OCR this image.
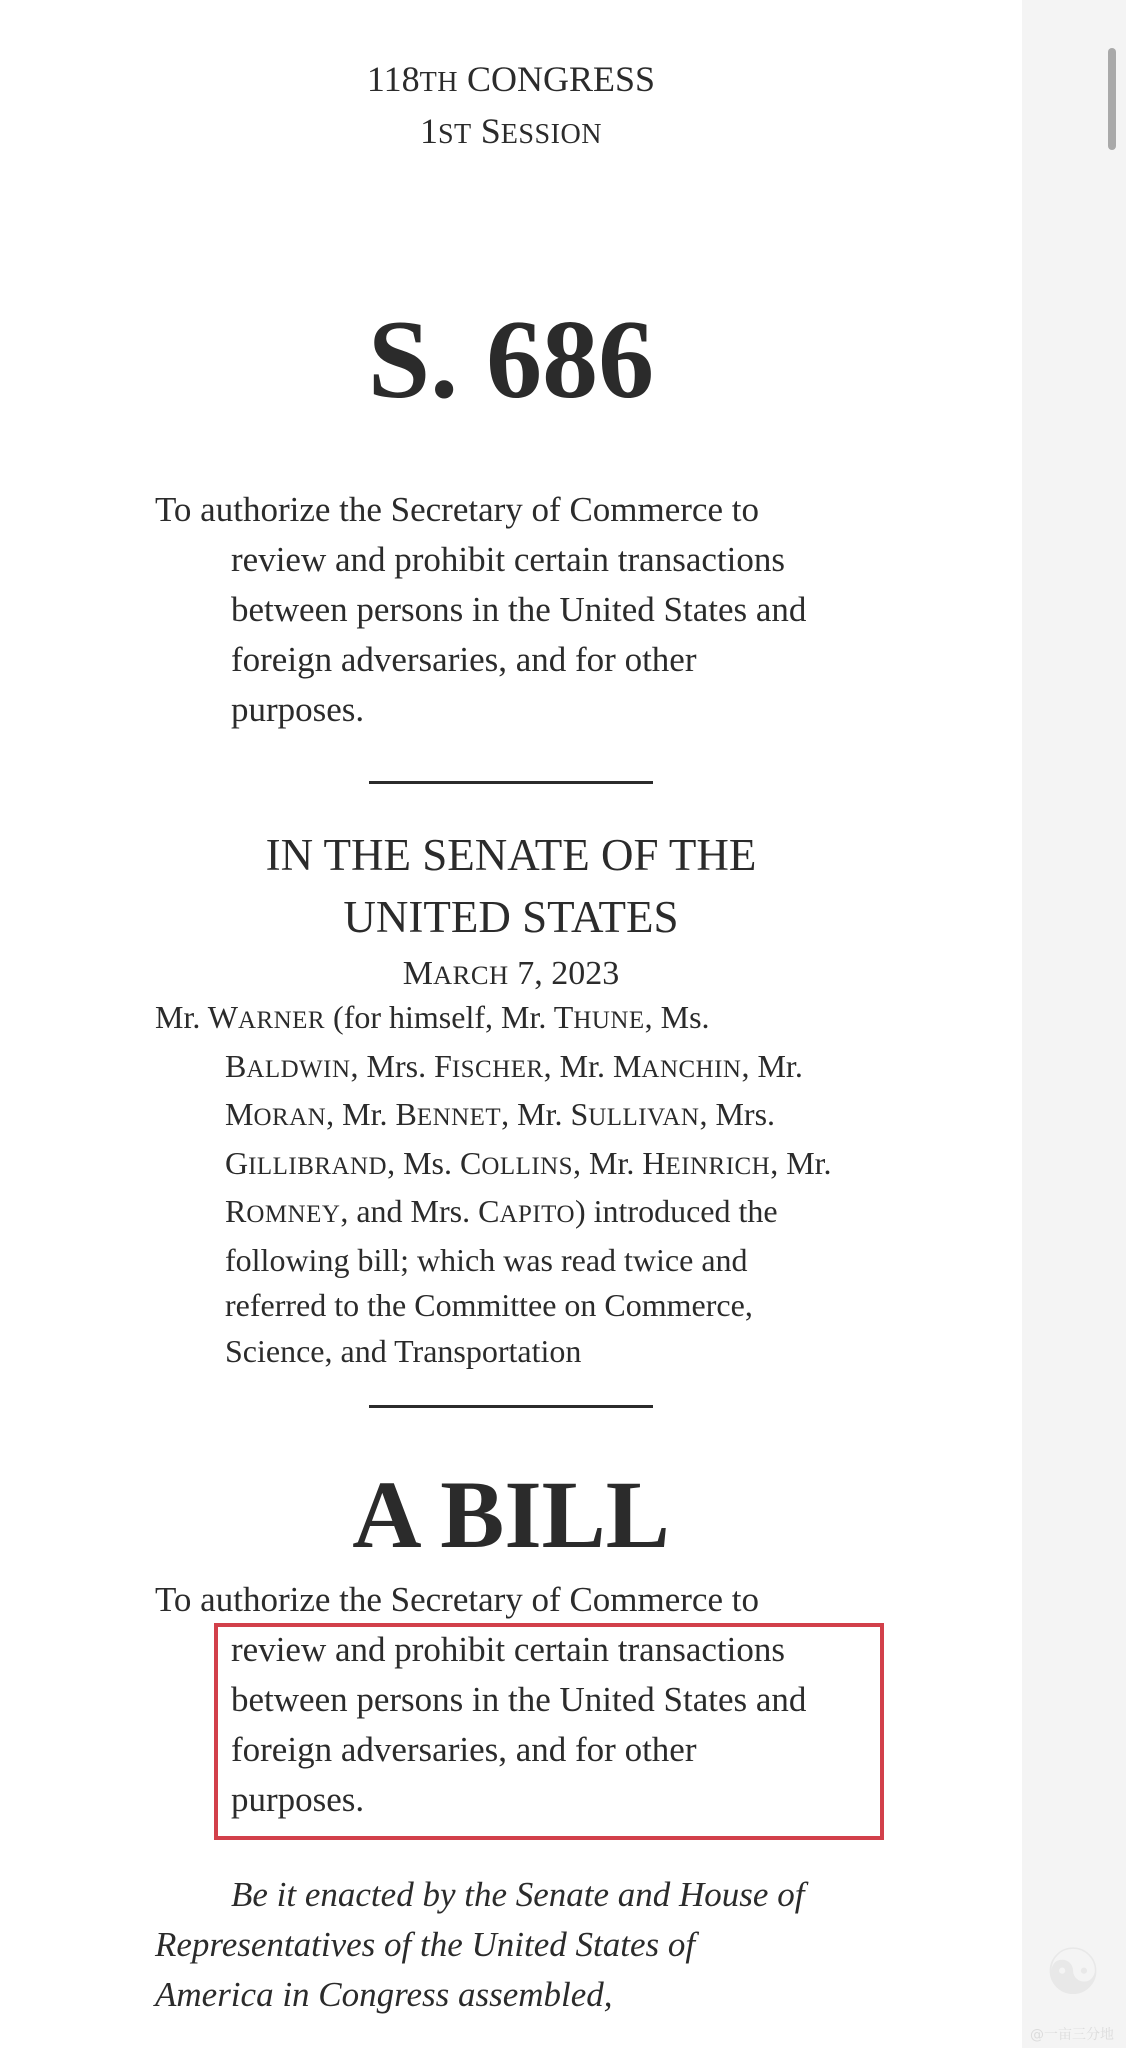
118TH CONGRESS
1ST SESSION
S. 686
To authorize the Secretary of Commerce to
review and prohibit certain transactions
between persons in the United States and
foreign adversaries, and for other
purposes.
IN THE SENATE OF THE
UNITED STATES
MARCH 7, 2023
Mr. WARNER (for himself, Mr. THUNE, Ms.
BALDWIN, Mrs. FISCHER, Mr. MANCHIN, Mr.
MORAN, Mr. BENNET, Mr. SULLIVAN, Mrs.
GILLIBRAND, Ms. COLLINS, Mr. HEINRICH, Mr.
ROMNEY, and Mrs. CAPITO) introduced the
following bill; which was read twice and
referred to the Committee on Commerce,
Science, and Transportation
A BILL
To authorize the Secretary of Commerce to
review and prohibit certain transactions
between persons in the United States and
foreign adversaries, and for other
purposes.
Be it enacted by the Senate and House of
Representatives of the United States of
America in Congress assembled,	☯
@一亩三分地
